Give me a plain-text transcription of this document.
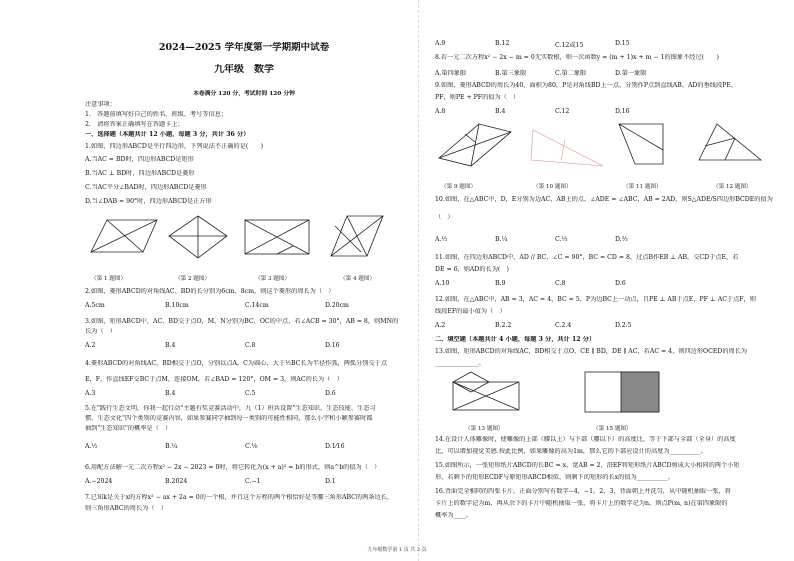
2024—2025 学年度第一学期期中试卷
九年级　数学
本卷满分 120 分，考试时间 120 分钟
注意事项：
1.　答题前填写好自己的姓名、班级、考号等信息；
2.　请将答案正确填写在答题卡上；
一、选择题（本题共计 12 小题，每题 3 分，共计 36 分）
1.如图，四边形ABCD是平行四边形，下列说法不正确的是(　　)
A.当AC = BD时，四边形ABCD是矩形
B.当AC ⊥ BD时，四边形ABCD是菱形
C.当AC平分∠BAD时，四边形ABCD是菱形
D.当∠DAB = 90°时，四边形ABCD是正方形
（第 1 题图）	（第 2 题图）	（第 3 题图）	（第 4 题图）
2.如图，菱形ABCD的对角线AC、BD的长分别为6cm、8cm，则这个菱形的周长为（　）
A.5cm	B.10cm	C.14cm	D.20cm
3.如图，矩形ABCD中，AC、BD交于点O，M、N分别为BC、OC的中点，若∠ACB = 30°，AB = 8，则MN的
长为（　）
A.2	B.4	C.8	D.16
4.菱形ABCD的对角线AC，BD相交于点O，分别以点A，C为圆心，大于½BC长为半径作弧，两弧分别交于点
E，F，作直线EF交BC于点M，连接OM，若∠BAD = 120°，OM = 3，则AC的长为（　）
A.3	B.4	C.5	D.6
5.在"践行生态文明，你我一起行动"主题有奖竞赛活动中，九（1）班共设置"生态知识、生态技能、生态习
惯、生态文化"四个类别的竞赛内容，如果参赛同学抽到每一类别的可能性相同，那么小宇和小颖参赛时都
抽到"生态知识"的概率是（　）
A.½	B.¼	C.⅛	D.1⁄16
6.用配方法解一元二次方程x² − 2x − 2023 = 0时，将它转化为(x + a)² = b的形式，则a^b的值为（　）
A.−2024	B.2024	C.−1	D.1
7.已知k是关于x的方程x² − ax + 2a = 0的一个根，并且这个方程的两个根恰好是等腰三角形ABC的两条边长，
则三角形ABC的周长为（　）
A.9	B.12	C.12或15	D.15
8.若一元二次方程x² − 2x − m = 0无实数根，则一次函数y = (m + 1)x + m − 1的图象不经过(　　)
A.第四象限	B.第三象限	C.第二象限	D.第一象限
9.如图，菱形ABCD的周长为40，面积为80，P是对角线BD上一点，分别作P点到直线AB、AD的垂线段PE、
PF，则PE + PF的值为（　）
A.8	B.4	C.12	D.16
（第 9 题图）	（第 10 题图）	（第 11 题图）	（第 12 题图）
10.如图，在△ABC中，D，E分别为边AC，AB上的点，∠ADE = ∠ABC，AB = 2AD，则S△ADE/S四边形BCDE的值为
（　）
A.½	B.¼	C.⅓	D.⅔
11.如图，在四边形ABCD中，AD // BC，∠C = 90°，BC = CD = 8，过点B作EB ⊥ AB，交CD于点E，若
DE = 6，则AD的长为(　)
A.10	B.9	C.8	D.6
12.如图，在△ABC中，AB = 3，AC = 4，BC = 5，P为边BC上一动点，且PE ⊥ AB于点E，PF ⊥ AC于点F，则
线段EF的最小值为（　）
A.2	B.2.2	C.2.4	D.2.5
二、填空题（本题共计 4 小题，每题 3 分，共计 12 分）
13.如图，矩形ABCD的对角线AC，BD相交于点O，CE ∥ BD，DE ∥ AC，若AC = 4，则四边形OCED的周长为
______________。
（第 13 题图）	（第 15 题图）
14.在设计人体雕像时，使雕像的上部（腰以上）与下部（腰以下）的高度比，等于下部与全部（全身）的高度
比，可以增加视觉美感.按此比例，如果雕像的高为1m，那么它的下部应设计的高度为__________。
15.如图所示，一张矩形纸片ABCD的长BC = x，宽AB = 2，沿EF将矩形纸片ABCD剪成大小相同的两个小矩
形，若剩下的矩形ECDF与原矩形ABCD相似，则剩下的矩形的长x的值为__________。
16.背面完全相同的四张卡片，正面分别写有数字−4，−1，2，3，背面朝上并洗匀，从中随机抽取一张，将
卡片上的数字记为m，再从余下的卡片中随机抽取一张，将卡片上的数字记为n，则点P(m, n)在第四象限的
概率为____。
九年级数学第 1 页 共 2 页
